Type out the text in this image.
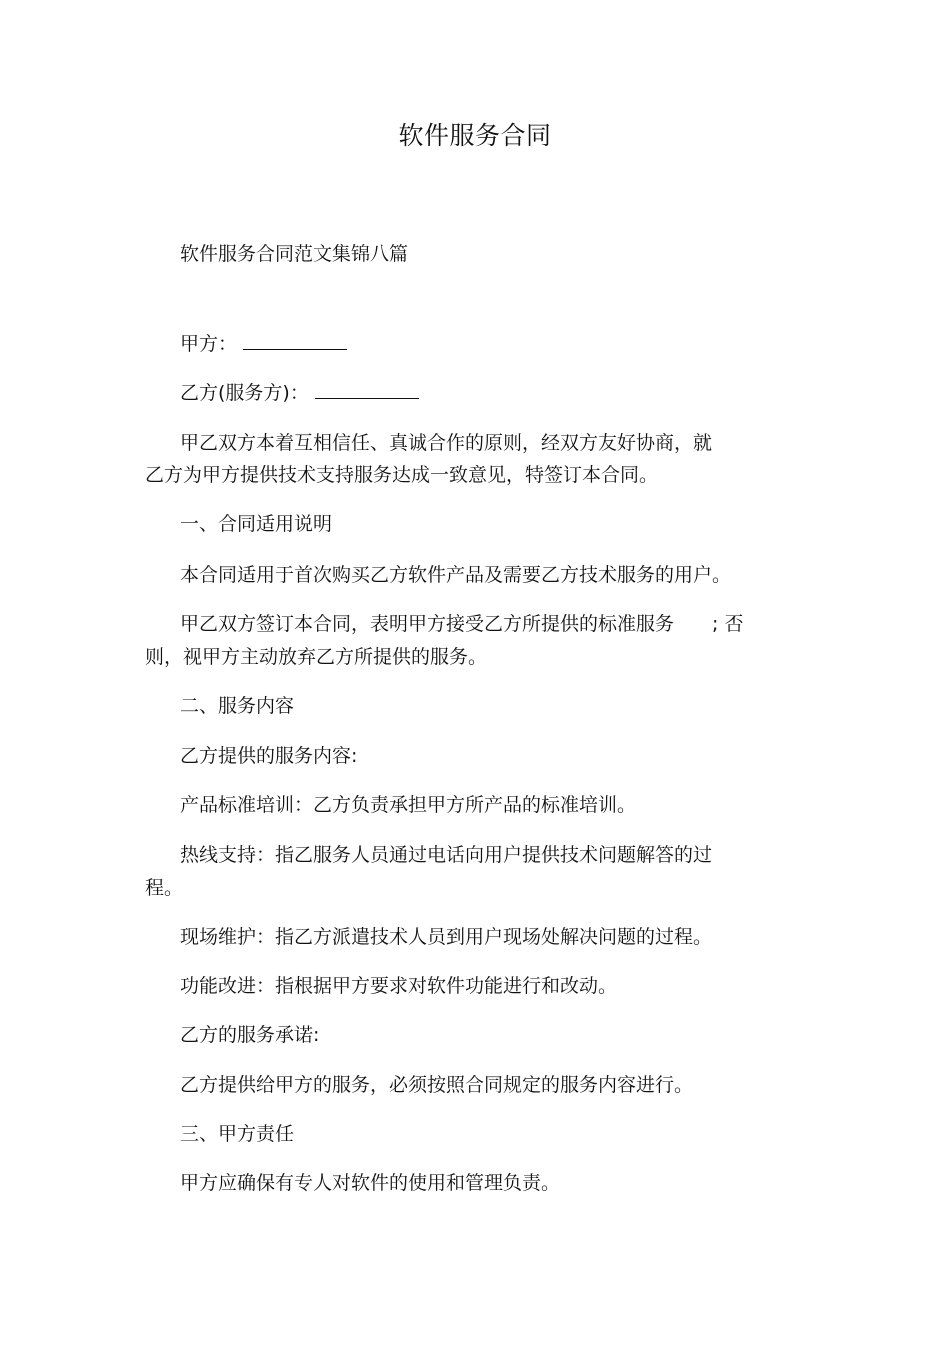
软件服务合同
软件服务合同范文集锦八篇
甲方：
乙方(服务方)：
甲乙双方本着互相信任、真诚合作的原则，经双方友好协商，就
乙方为甲方提供技术支持服务达成一致意见，特签订本合同。
一、合同适用说明
本合同适用于首次购买乙方软件产品及需要乙方技术服务的用户。
甲乙双方签订本合同，表明甲方接受乙方所提供的标准服务 ; 否
则，视甲方主动放弃乙方所提供的服务。
二、服务内容
乙方提供的服务内容:
产品标准培训：乙方负责承担甲方所产品的标准培训。
热线支持：指乙服务人员通过电话向用户提供技术问题解答的过
程。
现场维护：指乙方派遣技术人员到用户现场处解决问题的过程。
功能改进：指根据甲方要求对软件功能进行和改动。
乙方的服务承诺:
乙方提供给甲方的服务，必须按照合同规定的服务内容进行。
三、甲方责任
甲方应确保有专人对软件的使用和管理负责。
